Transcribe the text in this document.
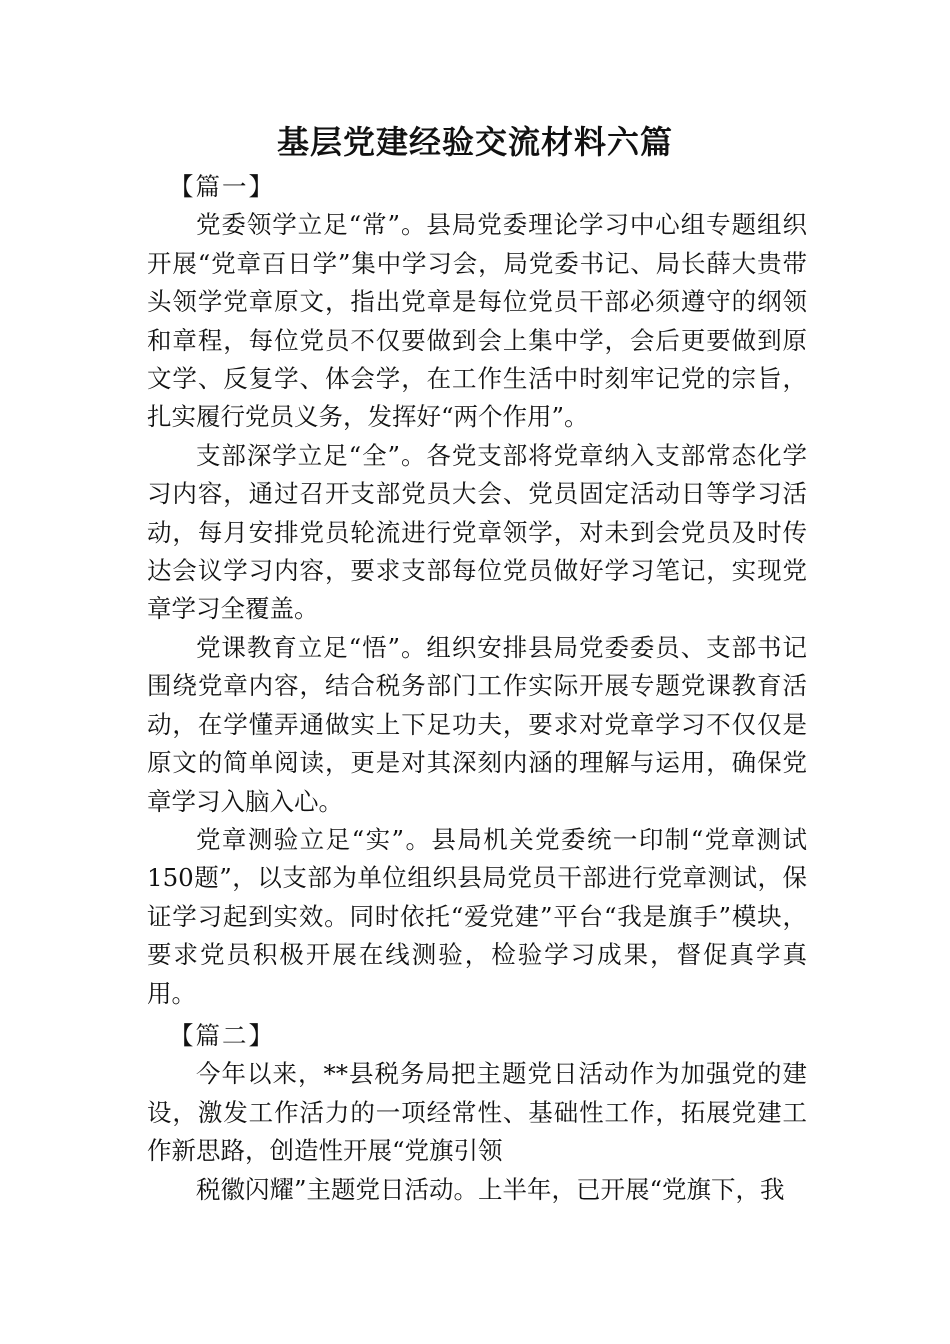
基层党建经验交流材料六篇

【篇一】

党委领学立足“常”。县局党委理论学习中心组专题组织开展“党章百日学”集中学习会，局党委书记、局长薛大贵带头领学党章原文，指出党章是每位党员干部必须遵守的纲领和章程，每位党员不仅要做到会上集中学，会后更要做到原文学、反复学、体会学，在工作生活中时刻牢记党的宗旨，扎实履行党员义务，发挥好“两个作用”。

支部深学立足“全”。各党支部将党章纳入支部常态化学习内容，通过召开支部党员大会、党员固定活动日等学习活动，每月安排党员轮流进行党章领学，对未到会党员及时传达会议学习内容，要求支部每位党员做好学习笔记，实现党章学习全覆盖。

党课教育立足“悟”。组织安排县局党委委员、支部书记围绕党章内容，结合税务部门工作实际开展专题党课教育活动，在学懂弄通做实上下足功夫，要求对党章学习不仅仅是原文的简单阅读，更是对其深刻内涵的理解与运用，确保党章学习入脑入心。

党章测验立足“实”。县局机关党委统一印制“党章测试150题”，以支部为单位组织县局党员干部进行党章测试，保证学习起到实效。同时依托“爱党建”平台“我是旗手”模块，要求党员积极开展在线测验，检验学习成果，督促真学真用。

【篇二】

今年以来，**县税务局把主题党日活动作为加强党的建设，激发工作活力的一项经常性、基础性工作，拓展党建工作新思路，创造性开展“党旗引领

税徽闪耀”主题党日活动。上半年，已开展“党旗下，我
